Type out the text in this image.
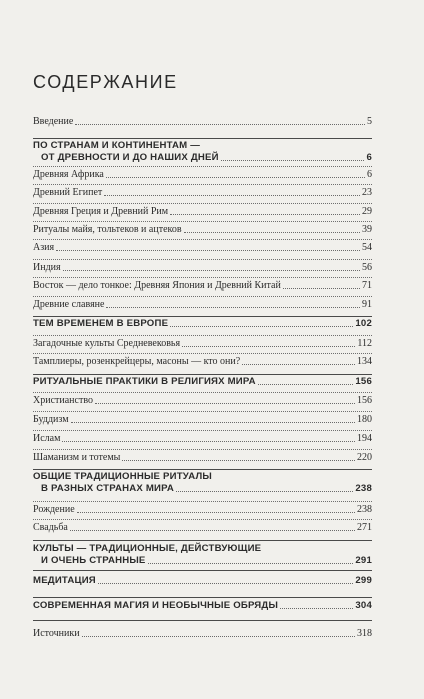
СОДЕРЖАНИЕ
Введение	5
ПО СТРАНАМ И КОНТИНЕНТАМ —
ОТ ДРЕВНОСТИ И ДО НАШИХ ДНЕЙ	6
Древняя Африка	6
Древний Египет	23
Древняя Греция и Древний Рим	29
Ритуалы майя, тольтеков и ацтеков	39
Азия	54
Индия	56
Восток — дело тонкое: Древняя Япония и Древний Китай	71
Древние славяне	91
ТЕМ ВРЕМЕНЕМ В ЕВРОПЕ	102
Загадочные культы Средневековья	112
Тамплиеры, розенкрейцеры, масоны — кто они?	134
РИТУАЛЬНЫЕ ПРАКТИКИ В РЕЛИГИЯХ МИРА	156
Христианство	156
Буддизм	180
Ислам	194
Шаманизм и тотемы	220
ОБЩИЕ ТРАДИЦИОННЫЕ РИТУАЛЫ
В РАЗНЫХ СТРАНАХ МИРА	238
Рождение	238
Свадьба	271
КУЛЬТЫ — ТРАДИЦИОННЫЕ, ДЕЙСТВУЮЩИЕ
И ОЧЕНЬ СТРАННЫЕ	291
МЕДИТАЦИЯ	299
СОВРЕМЕННАЯ МАГИЯ И НЕОБЫЧНЫЕ ОБРЯДЫ	304
Источники	318
